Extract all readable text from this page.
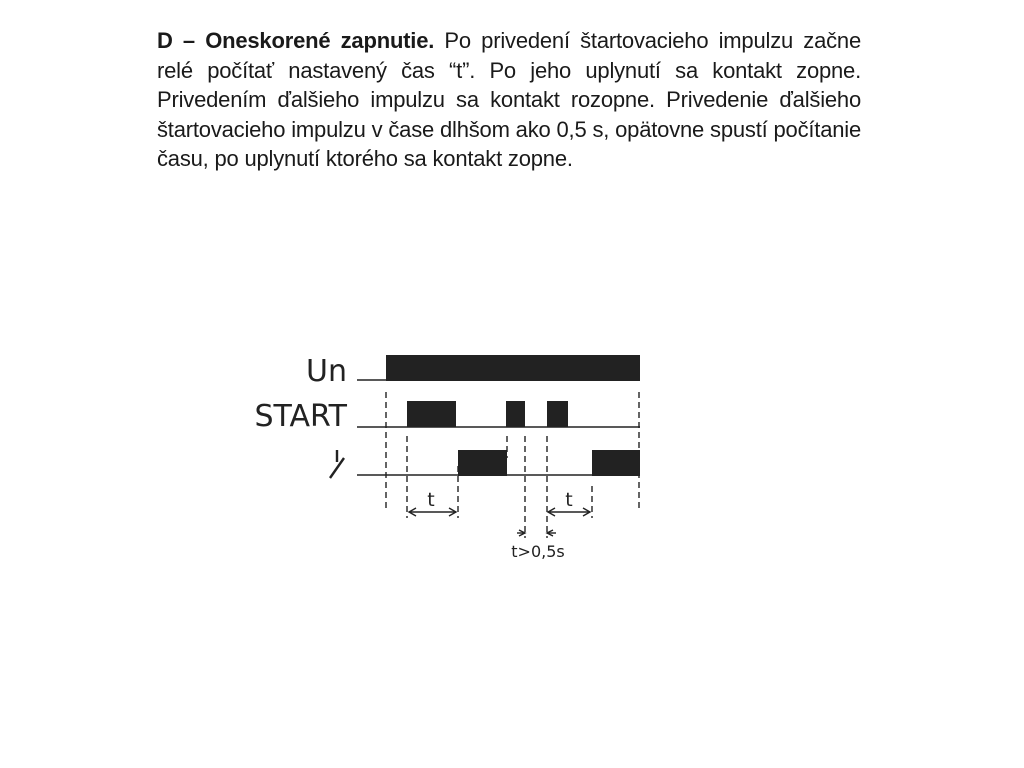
D – Oneskorené zapnutie. Po privedení štartovacieho impulzu začne relé počítať nastavený čas “t”. Po jeho uplynutí sa kontakt zopne. Privedením ďalšieho impulzu sa kontakt rozopne. Privedenie ďalšieho štartovacieho impulzu v čase dlhšom ako 0,5 s, opätovne spustí počítanie času, po uplynutí ktorého sa kontakt zopne.

Un
START
t	t
t>0,5s
